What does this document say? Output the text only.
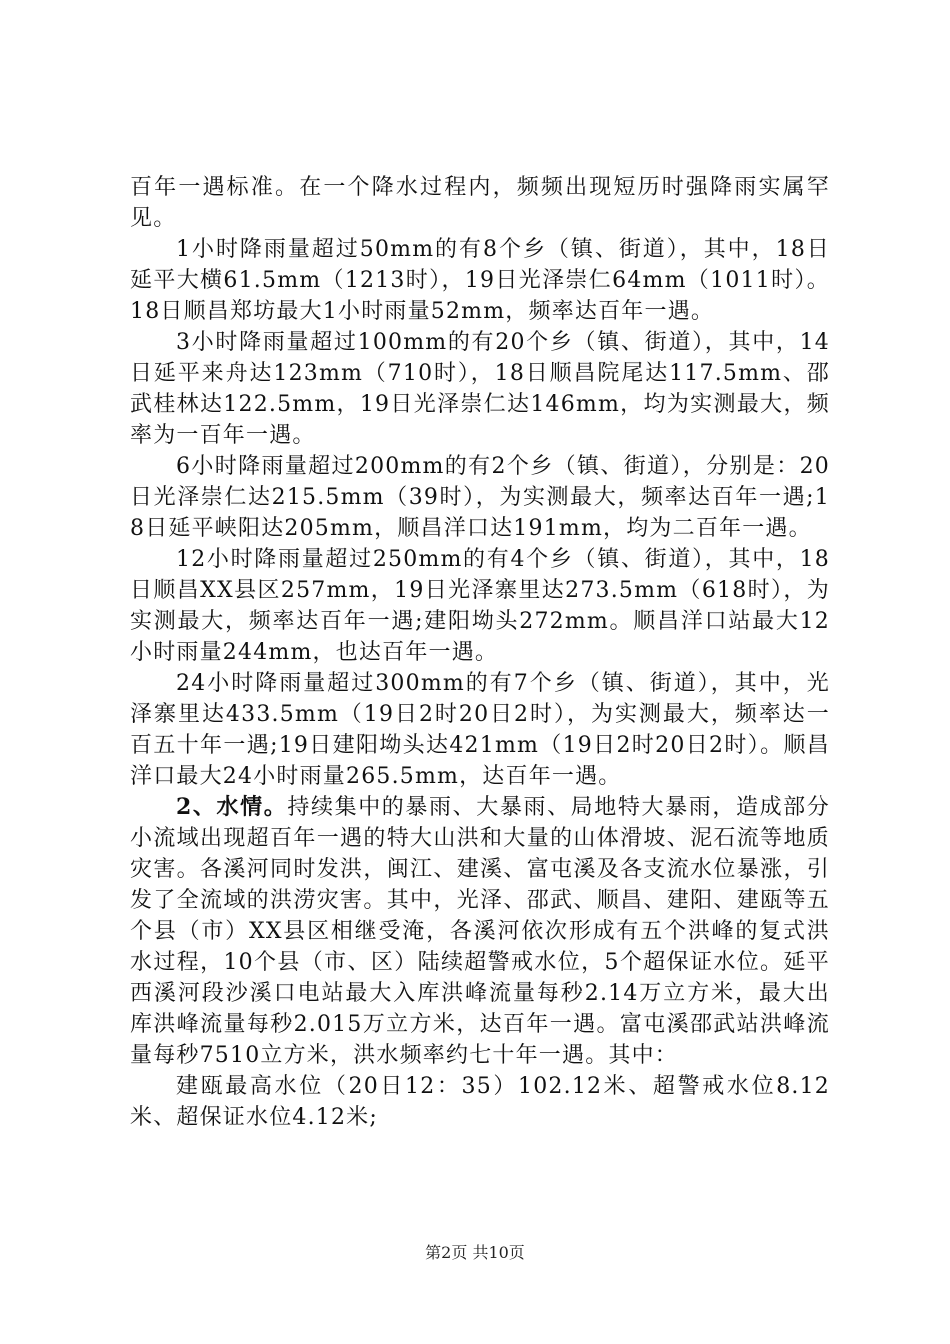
百年一遇标准。在一个降水过程内，频频出现短历时强降雨实属罕见。

1小时降雨量超过50mm的有8个乡（镇、街道），其中，18日延平大横61.5mm（1213时），19日光泽崇仁64mm（1011时）。18日顺昌郑坊最大1小时雨量52mm，频率达百年一遇。

3小时降雨量超过100mm的有20个乡（镇、街道），其中，14日延平来舟达123mm（710时），18日顺昌院尾达117.5mm、邵武桂林达122.5mm，19日光泽崇仁达146mm，均为实测最大，频率为一百年一遇。

6小时降雨量超过200mm的有2个乡（镇、街道），分别是：20日光泽崇仁达215.5mm（39时），为实测最大，频率达百年一遇;18日延平峡阳达205mm，顺昌洋口达191mm，均为二百年一遇。

12小时降雨量超过250mm的有4个乡（镇、街道），其中，18日顺昌XX县区257mm，19日光泽寨里达273.5mm（618时），为实测最大，频率达百年一遇;建阳坳头272mm。顺昌洋口站最大12小时雨量244mm，也达百年一遇。

24小时降雨量超过300mm的有7个乡（镇、街道），其中，光泽寨里达433.5mm（19日2时20日2时），为实测最大，频率达一百五十年一遇;19日建阳坳头达421mm（19日2时20日2时）。顺昌洋口最大24小时雨量265.5mm，达百年一遇。

2、水情。持续集中的暴雨、大暴雨、局地特大暴雨，造成部分小流域出现超百年一遇的特大山洪和大量的山体滑坡、泥石流等地质灾害。各溪河同时发洪，闽江、建溪、富屯溪及各支流水位暴涨，引发了全流域的洪涝灾害。其中，光泽、邵武、顺昌、建阳、建瓯等五个县（市）XX县区相继受淹，各溪河依次形成有五个洪峰的复式洪水过程，10个县（市、区）陆续超警戒水位，5个超保证水位。延平西溪河段沙溪口电站最大入库洪峰流量每秒2.14万立方米，最大出库洪峰流量每秒2.015万立方米，达百年一遇。富屯溪邵武站洪峰流量每秒7510立方米，洪水频率约七十年一遇。其中：

建瓯最高水位（20日12：35）102.12米、超警戒水位8.12米、超保证水位4.12米;

第2页 共10页
